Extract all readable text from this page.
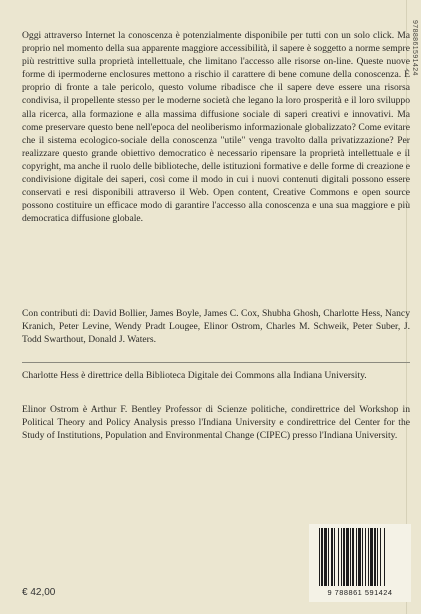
9788861591424

Oggi attraverso Internet la conoscenza è potenzialmente disponibile per tutti con un solo click. Ma proprio nel momento della sua apparente maggiore accessibilità, il sapere è soggetto a norme sempre più restrittive sulla proprietà intellettuale, che limitano l'accesso alle risorse on-line. Queste nuove forme di ipermoderne enclosures mettono a rischio il carattere di bene comune della conoscenza. È proprio di fronte a tale pericolo, questo volume ribadisce che il sapere deve essere una risorsa condivisa, il propellente stesso per le moderne società che legano la loro prosperità e il loro sviluppo alla ricerca, alla formazione e alla massima diffusione sociale di saperi creativi e innovativi. Ma come preservare questo bene nell'epoca del neoliberismo informazionale globalizzato? Come evitare che il sistema ecologico-sociale della conoscenza "utile" venga travolto dalla privatizzazione? Per realizzare questo grande obiettivo democratico è necessario ripensare la proprietà intellettuale e il copyright, ma anche il ruolo delle biblioteche, delle istituzioni formative e delle forme di creazione e condivisione digitale dei saperi, così come il modo in cui i nuovi contenuti digitali possono essere conservati e resi disponibili attraverso il Web. Open content, Creative Commons e open source possono costituire un efficace modo di garantire l'accesso alla conoscenza e una sua maggiore e più democratica diffusione globale.

Con contributi di: David Bollier, James Boyle, James C. Cox, Shubha Ghosh, Charlotte Hess, Nancy Kranich, Peter Levine, Wendy Pradt Lougee, Elinor Ostrom, Charles M. Schweik, Peter Suber, J. Todd Swarthout, Donald J. Waters.

Charlotte Hess è direttrice della Biblioteca Digitale dei Commons alla Indiana University.

Elinor Ostrom è Arthur F. Bentley Professor di Scienze politiche, condirettrice del Workshop in Political Theory and Policy Analysis presso l'Indiana University e condirettrice del Center for the Study of Institutions, Population and Environmental Change (CIPEC) presso l'Indiana University.

€ 42,00	9 788861 591424
